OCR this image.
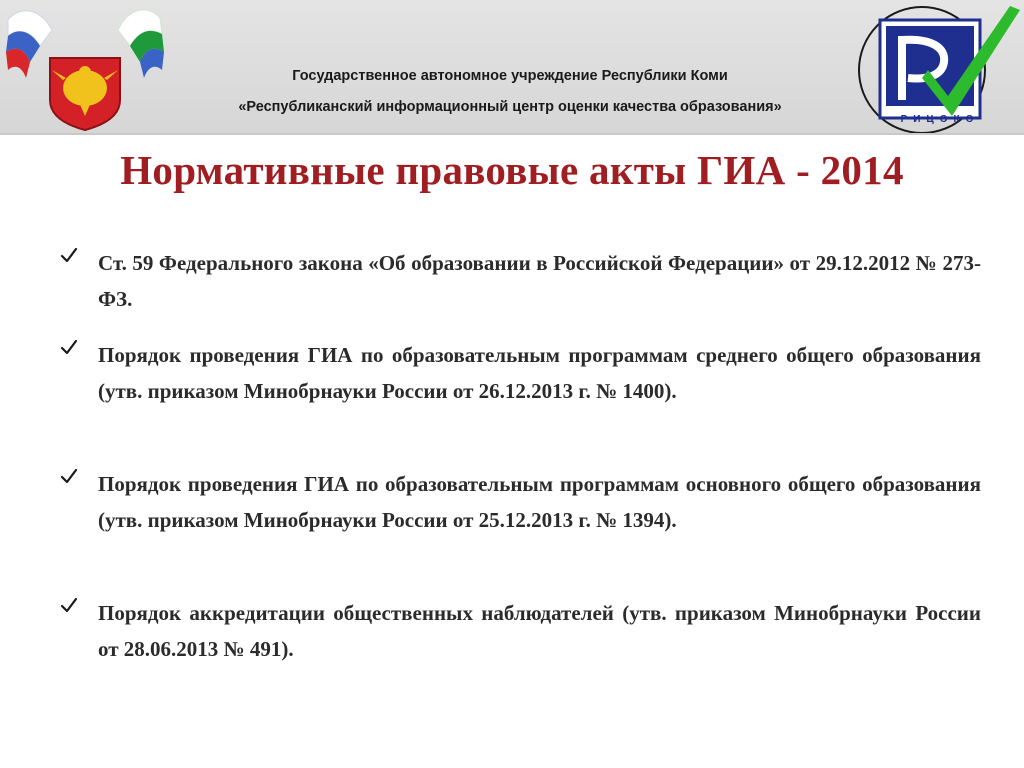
Государственное автономное учреждение Республики Коми
«Республиканский информационный центр оценки качества образования»
РИЦОКО
Нормативные правовые акты ГИА - 2014
Ст. 59 Федерального закона «Об образовании в Российской Федерации» от 29.12.2012 № 273-ФЗ.
Порядок проведения ГИА по образовательным программам среднего общего образования (утв. приказом Минобрнауки России от 26.12.2013 г. № 1400).
Порядок проведения ГИА по образовательным программам основного общего образования (утв. приказом Минобрнауки России от 25.12.2013 г. № 1394).
Порядок аккредитации общественных наблюдателей (утв. приказом Минобрнауки России от 28.06.2013 № 491).
